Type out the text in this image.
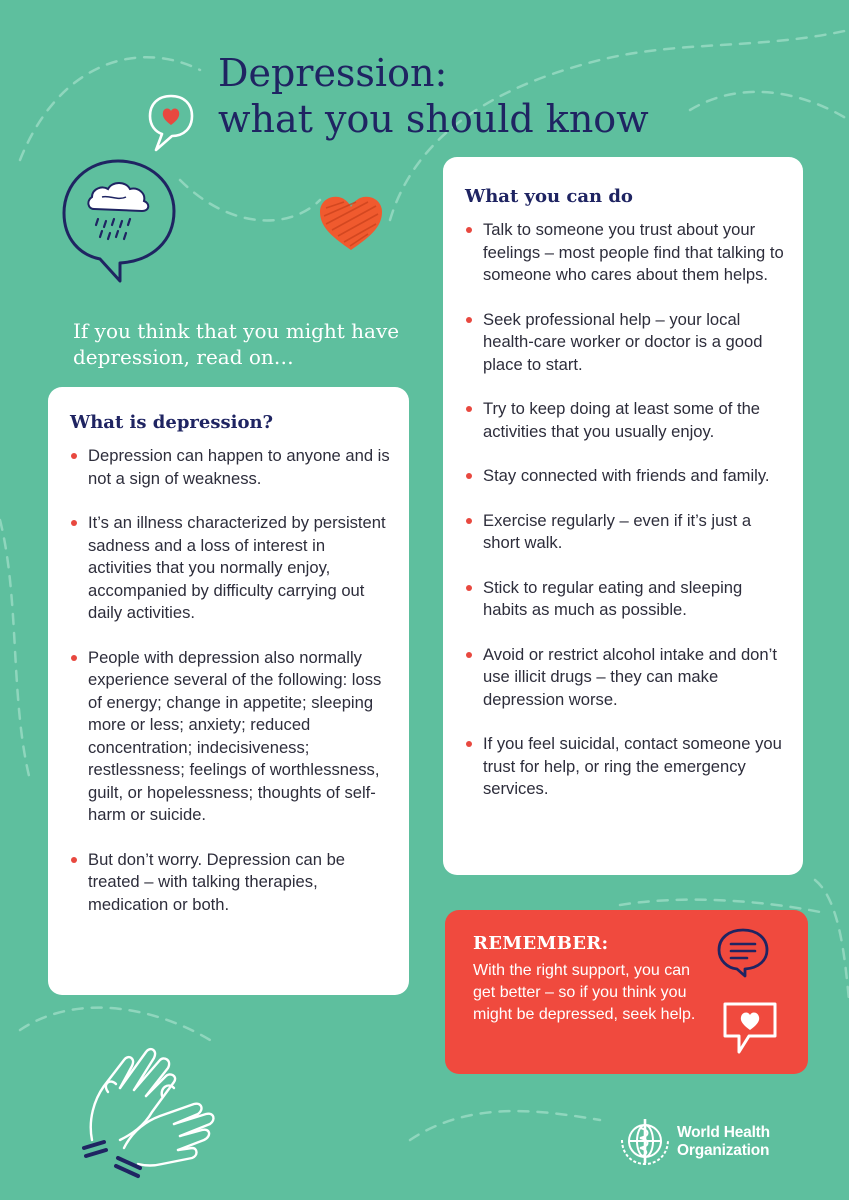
Depression:
what you should know

If you think that you might have depression, read on…

What is depression?
Depression can happen to anyone and is not a sign of weakness.
It’s an illness characterized by persistent sadness and a loss of interest in activities that you normally enjoy, accompanied by difficulty carrying out daily activities.
People with depression also normally experience several of the following: loss of energy; change in appetite; sleeping more or less; anxiety; reduced concentration; indecisiveness; restlessness; feelings of worthlessness, guilt, or hopelessness; thoughts of self-harm or suicide.
But don’t worry. Depression can be treated – with talking therapies, medication or both.
What you can do
Talk to someone you trust about your feelings – most people find that talking to someone who cares about them helps.
Seek professional help – your local health-care worker or doctor is a good place to start.
Try to keep doing at least some of the activities that you usually enjoy.
Stay connected with friends and family.
Exercise regularly – even if it’s just a short walk.
Stick to regular eating and sleeping habits as much as possible.
Avoid or restrict alcohol intake and don’t use illicit drugs – they can make depression worse.
If you feel suicidal, contact someone you trust for help, or ring the emergency services.
REMEMBER:

With the right support, you can get better – so if you think you might be depressed, seek help.

World Health
Organization
